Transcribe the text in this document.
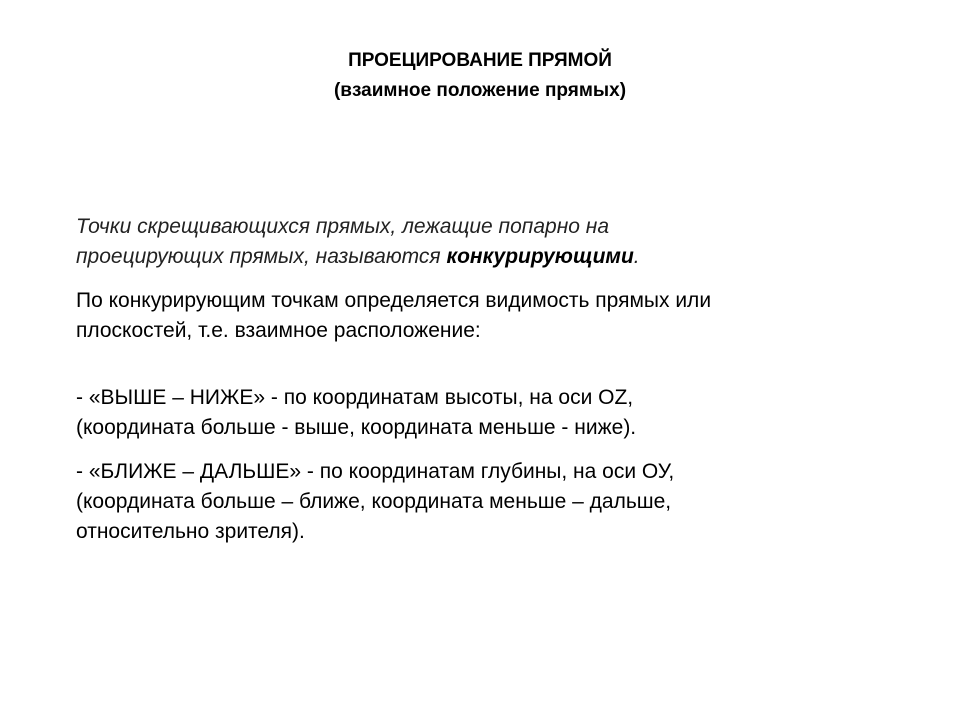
ПРОЕЦИРОВАНИЕ ПРЯМОЙ
(взаимное положение прямых)

Точки скрещивающихся прямых, лежащие попарно на
проецирующих прямых, называются конкурирующими.

По конкурирующим точкам определяется видимость прямых или
плоскостей, т.е. взаимное расположение:

- «ВЫШЕ – НИЖЕ» - по координатам высоты, на оси OZ,
(координата больше - выше, координата меньше - ниже).

- «БЛИЖЕ – ДАЛЬШЕ» - по координатам глубины, на оси ОУ,
(координата больше – ближе, координата меньше – дальше,
относительно зрителя).
